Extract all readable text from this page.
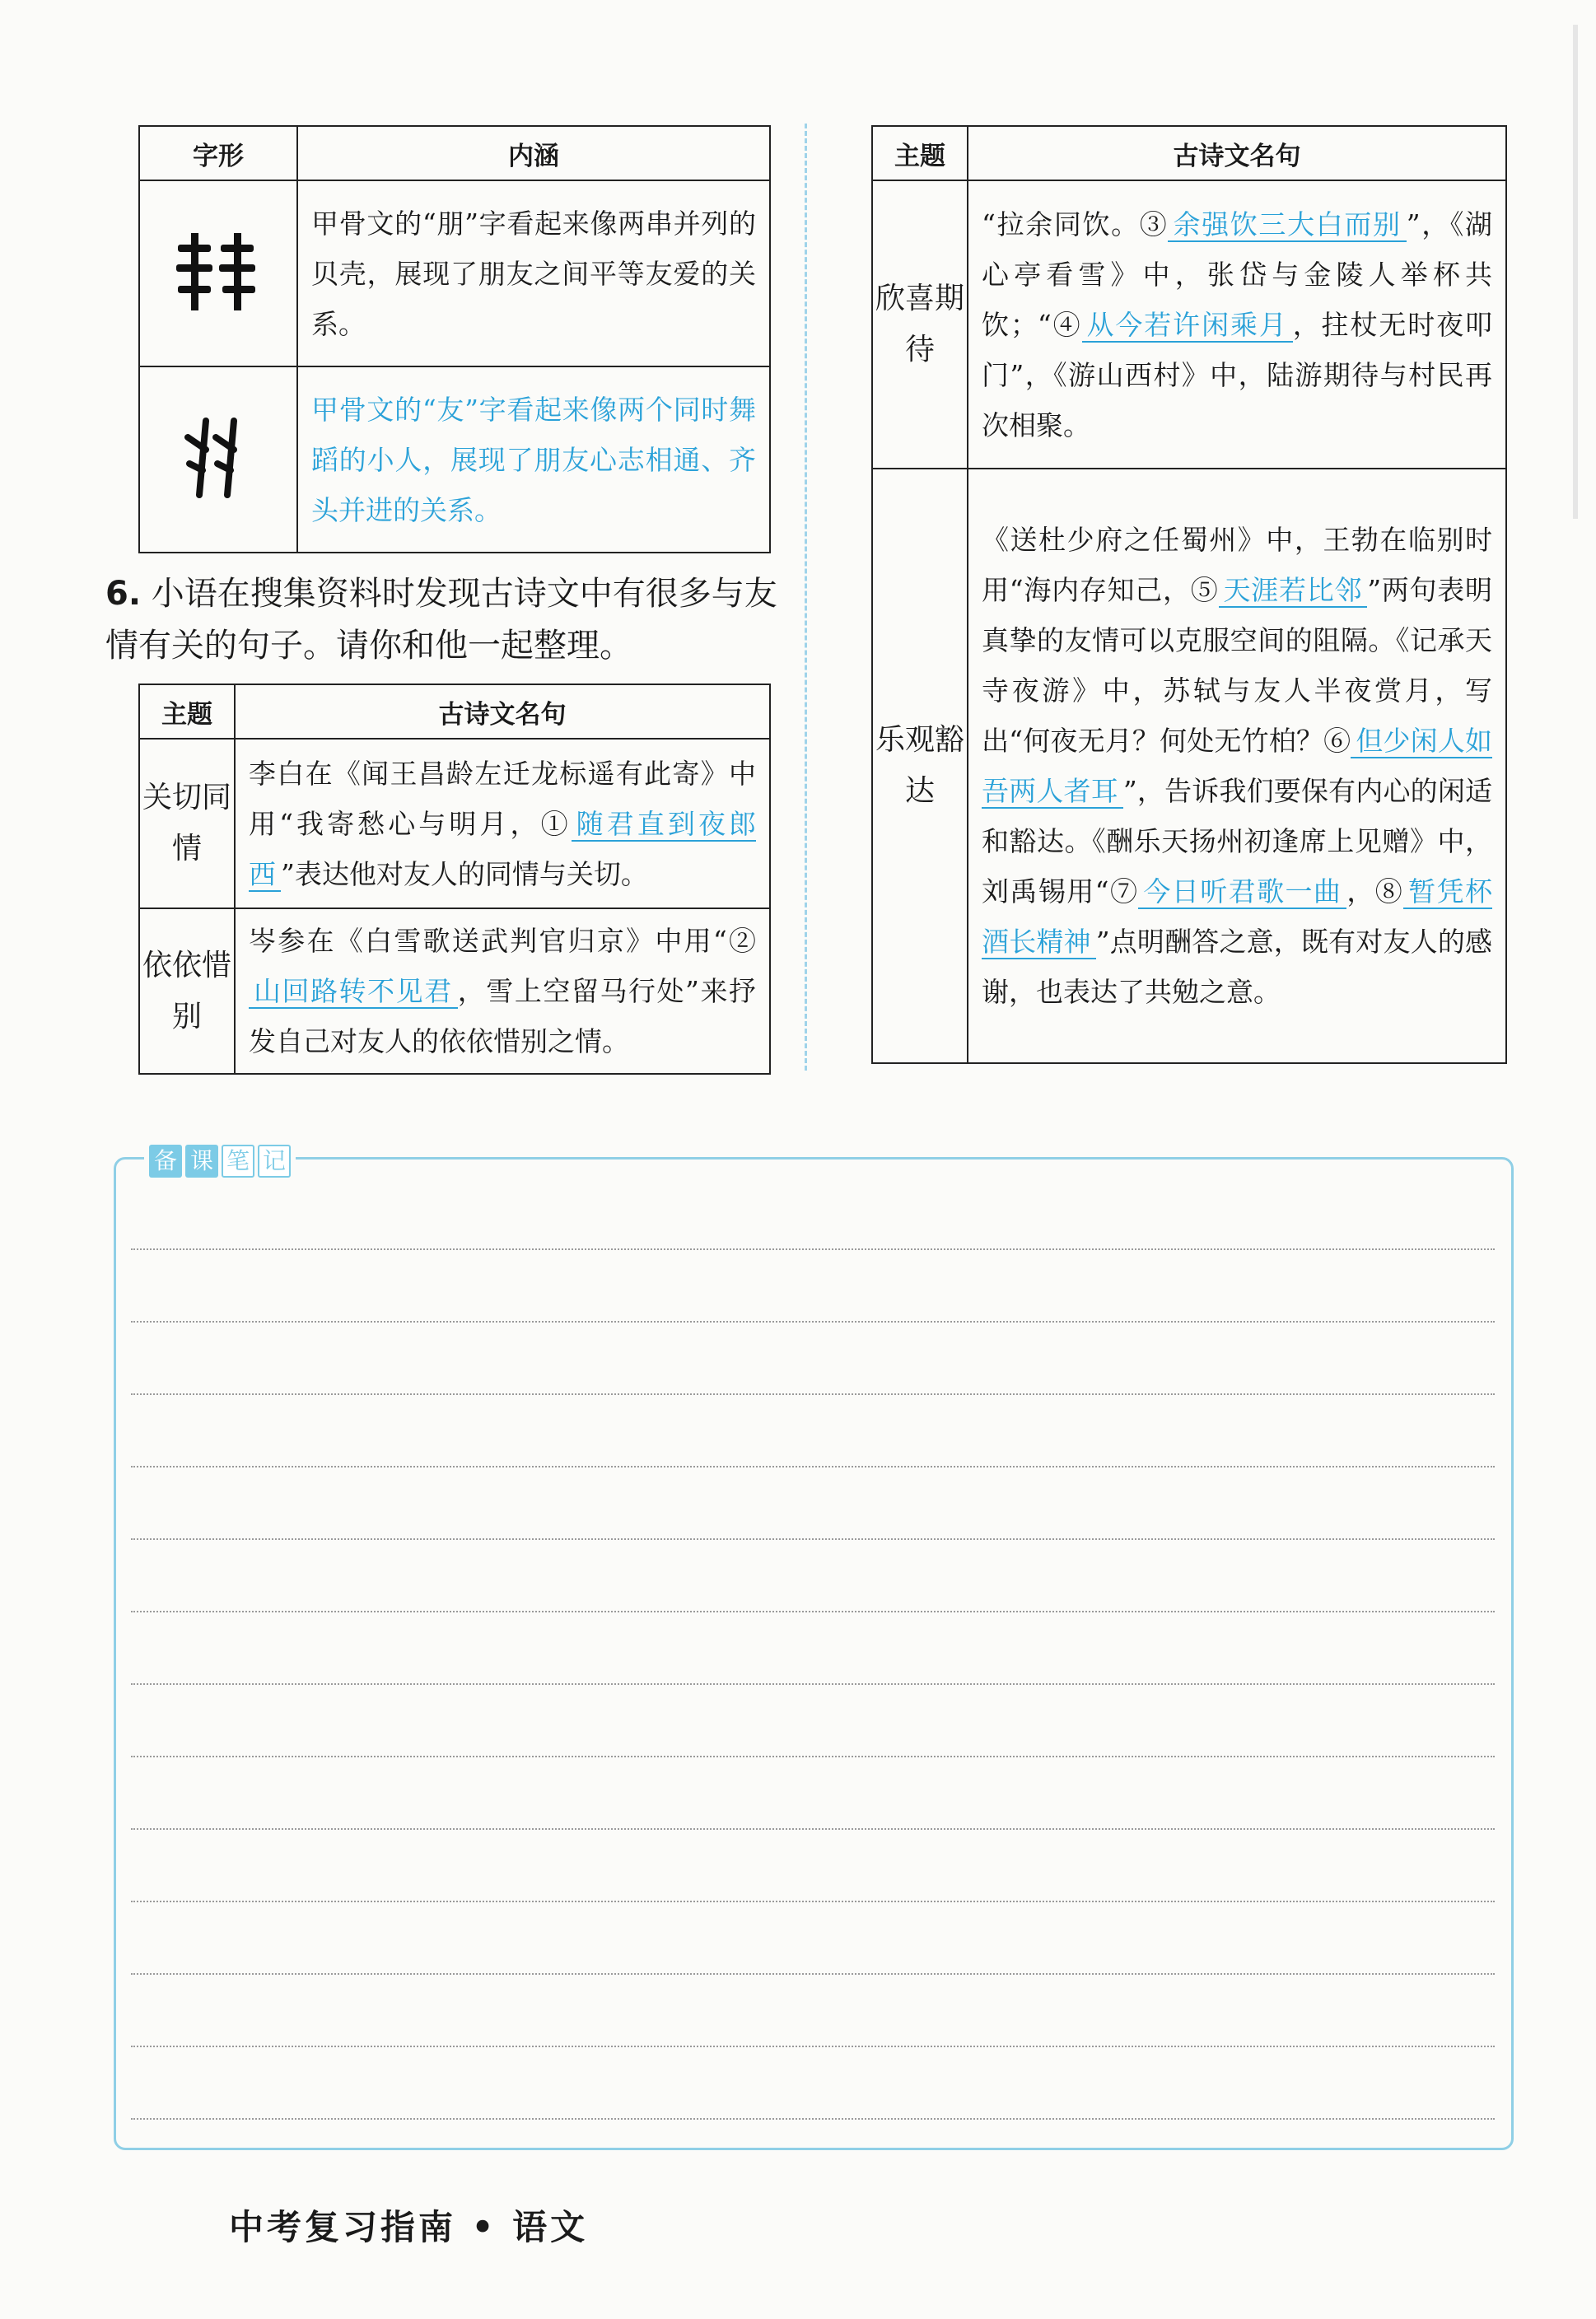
字形	内涵
	甲骨文的“朋”字看起来像两串并列的贝壳，展现了朋友之间平等友爱的关系。
	甲骨文的“友”字看起来像两个同时舞蹈的小人，展现了朋友心志相通、齐头并进的关系。
6. 小语在搜集资料时发现古诗文中有很多与友情有关的句子。请你和他一起整理。
主题	古诗文名句
关切同情	李白在《闻王昌龄左迁龙标遥有此寄》中用“我寄愁心与明月，① 随君直到夜郎西 ”表达他对友人的同情与关切。
依依惜别	岑参在《白雪歌送武判官归京》中用“②山回路转不见君 ，雪上空留马行处”来抒发自己对友人的依依惜别之情。
主题	古诗文名句
欣喜期待	“拉余同饮。③ 余强饮三大白而别 ”，《湖心亭看雪》中，张岱与金陵人举杯共饮；“④ 从今若许闲乘月 ，拄杖无时夜叩门”，《游山西村》中，陆游期待与村民再次相聚。
乐观豁达	《送杜少府之任蜀州》中，王勃在临别时用“海内存知己，⑤ 天涯若比邻 ”两句表明真挚的友情可以克服空间的阻隔。《记承天寺夜游》中，苏轼与友人半夜赏月，写出“何夜无月？何处无竹柏？⑥ 但少闲人如吾两人者耳 ”，告诉我们要保有内心的闲适和豁达。《酬乐天扬州初逢席上见赠》中，刘禹锡用“⑦ 今日听君歌一曲 ，⑧ 暂凭杯酒长精神 ”点明酬答之意，既有对友人的感谢，也表达了共勉之意。
备 课 笔 记
中考复习指南 • 语文
